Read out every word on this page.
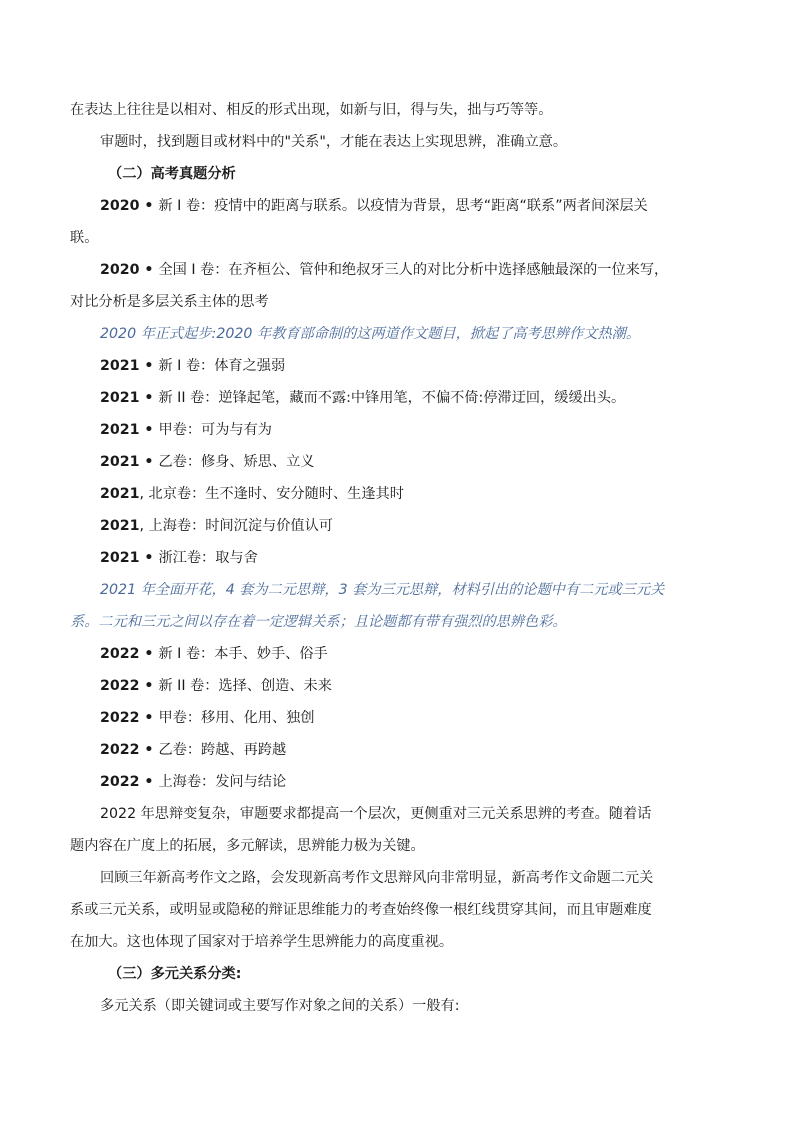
在表达上往往是以相对、相反的形式出现，如新与旧，得与失，拙与巧等等。

审题时，找到题目或材料中的"关系"，才能在表达上实现思辨，准确立意。

（二）高考真题分析

2020 • 新 I 卷：疫情中的距离与联系。以疫情为背景，思考“距离“联系”两者间深层关

联。

2020 • 全国 I 卷：在齐桓公、管仲和绝叔牙三人的对比分析中选择感触最深的一位来写，

对比分析是多层关系主体的思考

2020 年正式起步:2020 年教育部命制的这两道作文题目，掀起了高考思辨作文热潮。

2021 • 新 I 卷：体育之强弱

2021 • 新 II 卷：逆锋起笔，藏而不露:中锋用笔，不偏不倚:停滞迂回，缓缓出头。

2021 • 甲卷：可为与有为

2021 • 乙卷：修身、矫思、立义

2021, 北京卷：生不逢时、安分随时、生逢其时

2021, 上海卷：时间沉淀与价值认可

2021 • 浙江卷：取与舍

2021 年全面开花，4 套为二元思辩，3 套为三元思辩，材料引出的论题中有二元或三元关

系。二元和三元之间以存在着一定逻辑关系；且论题都有带有强烈的思辨色彩。

2022 • 新 I 卷：本手、妙手、俗手

2022 • 新 II 卷：选择、创造、未来

2022 • 甲卷：移用、化用、独创

2022 • 乙卷：跨越、再跨越

2022 • 上海卷：发问与结论

2022 年思辩变复杂，审题要求都提高一个层次，更侧重对三元关系思辨的考查。随着话

题内容在广度上的拓展，多元解读，思辨能力极为关键。

回顾三年新高考作文之路，会发现新高考作文思辩风向非常明显，新高考作文命题二元关

系或三元关系，或明显或隐秘的辩证思维能力的考查始终像一根红线贯穿其间，而且审题难度

在加大。这也体现了国家对于培养学生思辨能力的高度重视。

（三）多元关系分类:

多元关系（即关键词或主要写作对象之间的关系）一般有:
